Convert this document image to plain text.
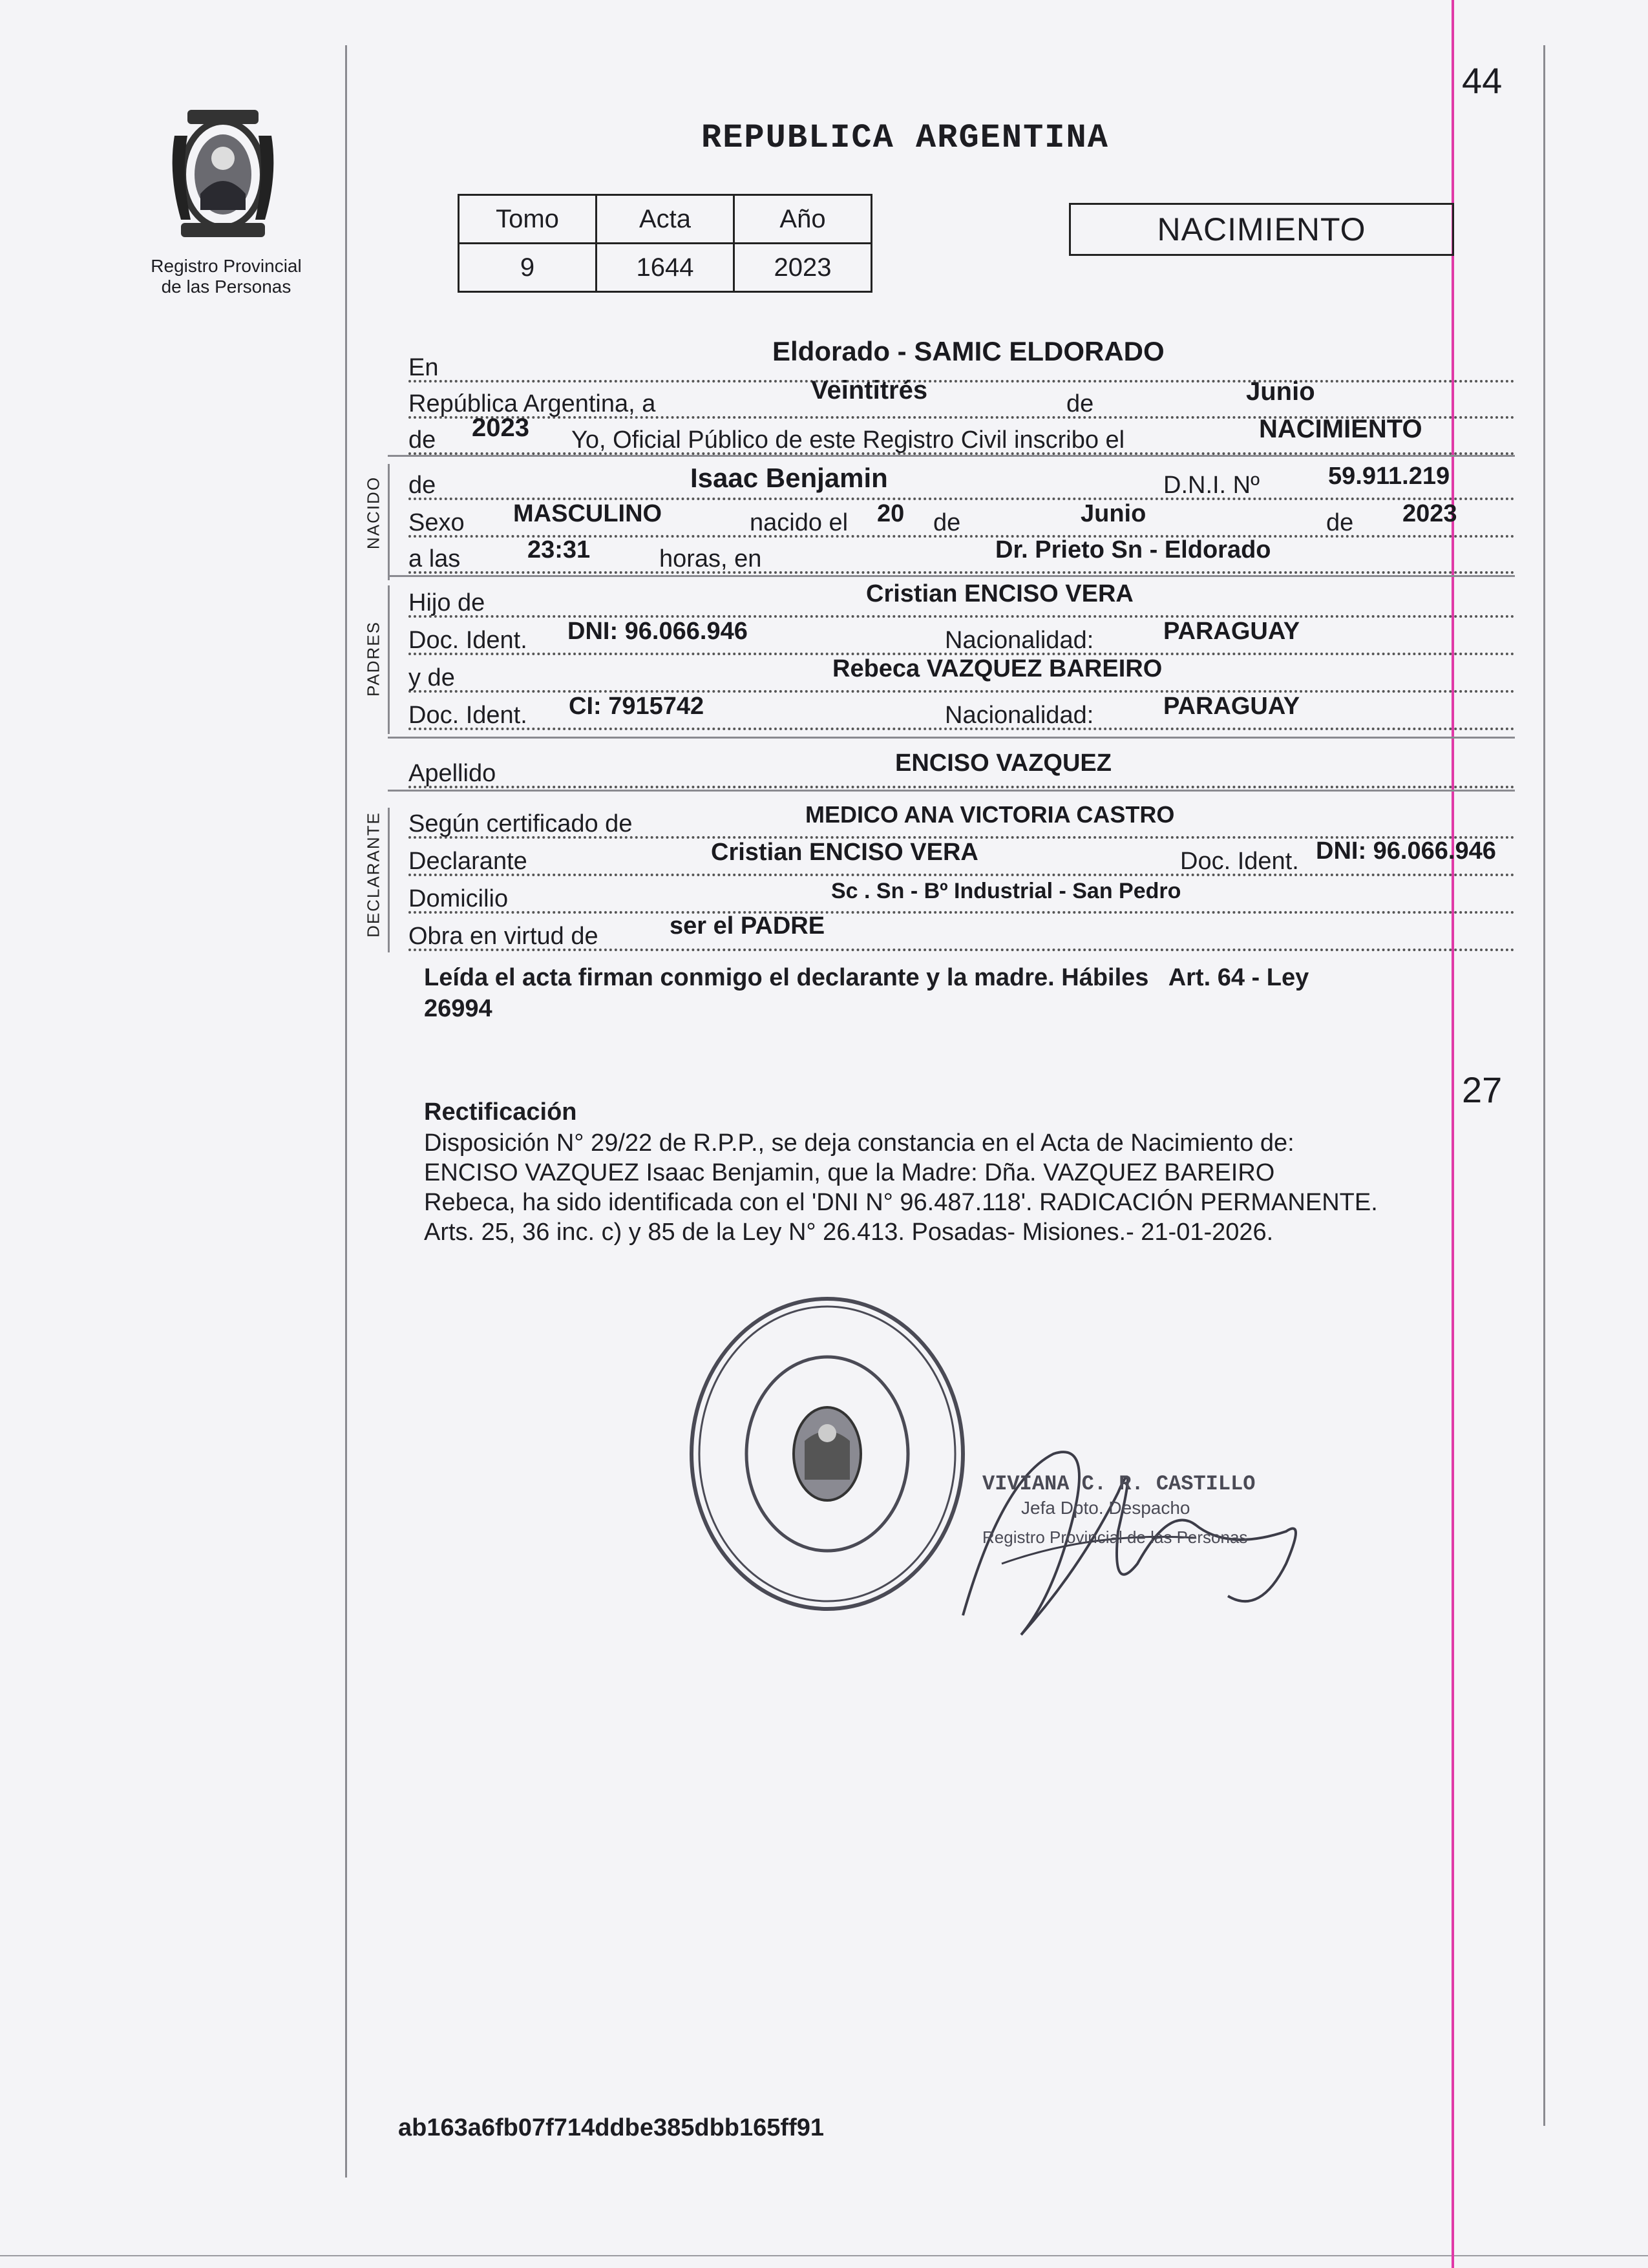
Registro Provincial
de las Personas
REPUBLICA ARGENTINA
44
Tomo	Acta	Año
9	1644	2023
NACIMIENTO
En
Eldorado - SAMIC ELDORADO
República Argentina, a	Veintitrés	de	Junio
de 2023 Yo, Oficial Público de este Registro Civil inscribo el	NACIMIENTO
NACIDO de	Isaac Benjamin	D.N.I. Nº	59.911.219
Sexo MASCULINO	nacido el 20 de	Junio	de 2023
a las	23:31	horas, en	Dr. Prieto Sn - Eldorado
PADRES
Hijo de	Cristian ENCISO VERA
Doc. Ident. DNI: 96.066.946	Nacionalidad:	PARAGUAY
y de	Rebeca VAZQUEZ BAREIRO
Doc. Ident. CI: 7915742	Nacionalidad:	PARAGUAY
Apellido	ENCISO VAZQUEZ
DECLARANTE Según certificado de	MEDICO ANA VICTORIA CASTRO
Declarante	Cristian ENCISO VERA	Doc. Ident. DNI: 96.066.946
Domicilio	Sc . Sn - Bº Industrial - San Pedro
Obra en virtud de	ser el PADRE
Leída el acta firman conmigo el declarante y la madre. Hábiles   Art. 64 - Ley
26994
27
Rectificación
Disposición N° 29/22 de R.P.P., se deja constancia en el Acta de Nacimiento de:
ENCISO VAZQUEZ Isaac Benjamin, que la Madre: Dña. VAZQUEZ BAREIRO
Rebeca, ha sido identificada con el 'DNI N° 96.487.118'. RADICACIÓN PERMANENTE.
Arts. 25, 36 inc. c) y 85 de la Ley N° 26.413. Posadas- Misiones.- 21-01-2026.
VIVIANA C. R. CASTILLO
Jefa Dpto. Despacho
Registro Provincial de las Personas
ab163a6fb07f714ddbe385dbb165ff91
